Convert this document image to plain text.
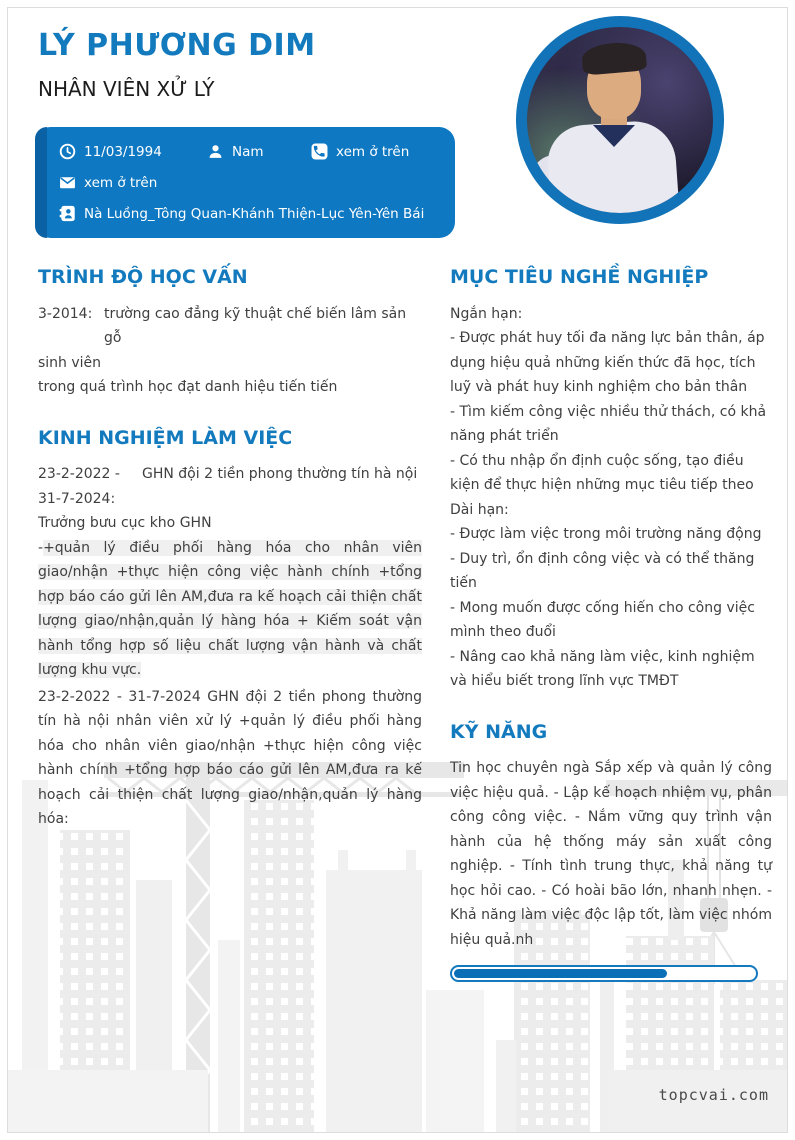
LÝ PHƯƠNG DIM
NHÂN VIÊN XỬ LÝ
11/03/1994	Nam	xem ở trên
xem ở trên
Nà Luồng_Tông Quan-Khánh Thiện-Lục Yên-Yên Bái
TRÌNH ĐỘ HỌC VẤN
3-2014: trường cao đẳng kỹ thuật chế biến lâm sản gỗ
sinh viên
trong quá trình học đạt danh hiệu tiến tiến
KINH NGHIỆM LÀM VIỆC
23-2-2022 - 31-7-2024:
GHN đội 2 tiền phong thường tín hà nội
Trưởng bưu cục kho GHN
-+quản lý điều phối hàng hóa cho nhân viên giao/nhận +thực hiện công việc hành chính +tổng hợp báo cáo gửi lên AM,đưa ra kế hoạch cải thiện chất lượng giao/nhận,quản lý hàng hóa + Kiếm soát vận hành tổng hợp số liệu chất lượng vận hành và chất lượng khu vực.
23-2-2022 - 31-7-2024 GHN đội 2 tiền phong thường tín hà nội nhân viên xử lý +quản lý điều phối hàng hóa cho nhân viên giao/nhận +thực hiện công việc hành chính +tổng hợp báo cáo gửi lên AM,đưa ra kế hoạch cải thiện chất lượng giao/nhận,quản lý hàng hóa:
MỤC TIÊU NGHỀ NGHIỆP
Ngắn hạn:
- Được phát huy tối đa năng lực bản thân, áp dụng hiệu quả những kiến thức đã học, tích luỹ và phát huy kinh nghiệm cho bản thân
- Tìm kiếm công việc nhiều thử thách, có khả năng phát triển
- Có thu nhập ổn định cuộc sống, tạo điều kiện để thực hiện những mục tiêu tiếp theo
Dài hạn:
- Được làm việc trong môi trường năng động
- Duy trì, ổn định công việc và có thể thăng tiến
- Mong muốn được cống hiến cho công việc mình theo đuổi
- Nâng cao khả năng làm việc, kinh nghiệm và hiểu biết trong lĩnh vực TMĐT
KỸ NĂNG
Tin học chuyên ngà Sắp xếp và quản lý công việc hiệu quả. - Lập kế hoạch nhiệm vụ, phân công công việc. - Nắm vững quy trình vận hành của hệ thống máy sản xuất công nghiệp. - Tính tình trung thực, khả năng tự học hỏi cao. - Có hoài bão lớn, nhanh nhẹn. - Khả năng làm việc độc lập tốt, làm việc nhóm hiệu quả.nh
topcvai.com
